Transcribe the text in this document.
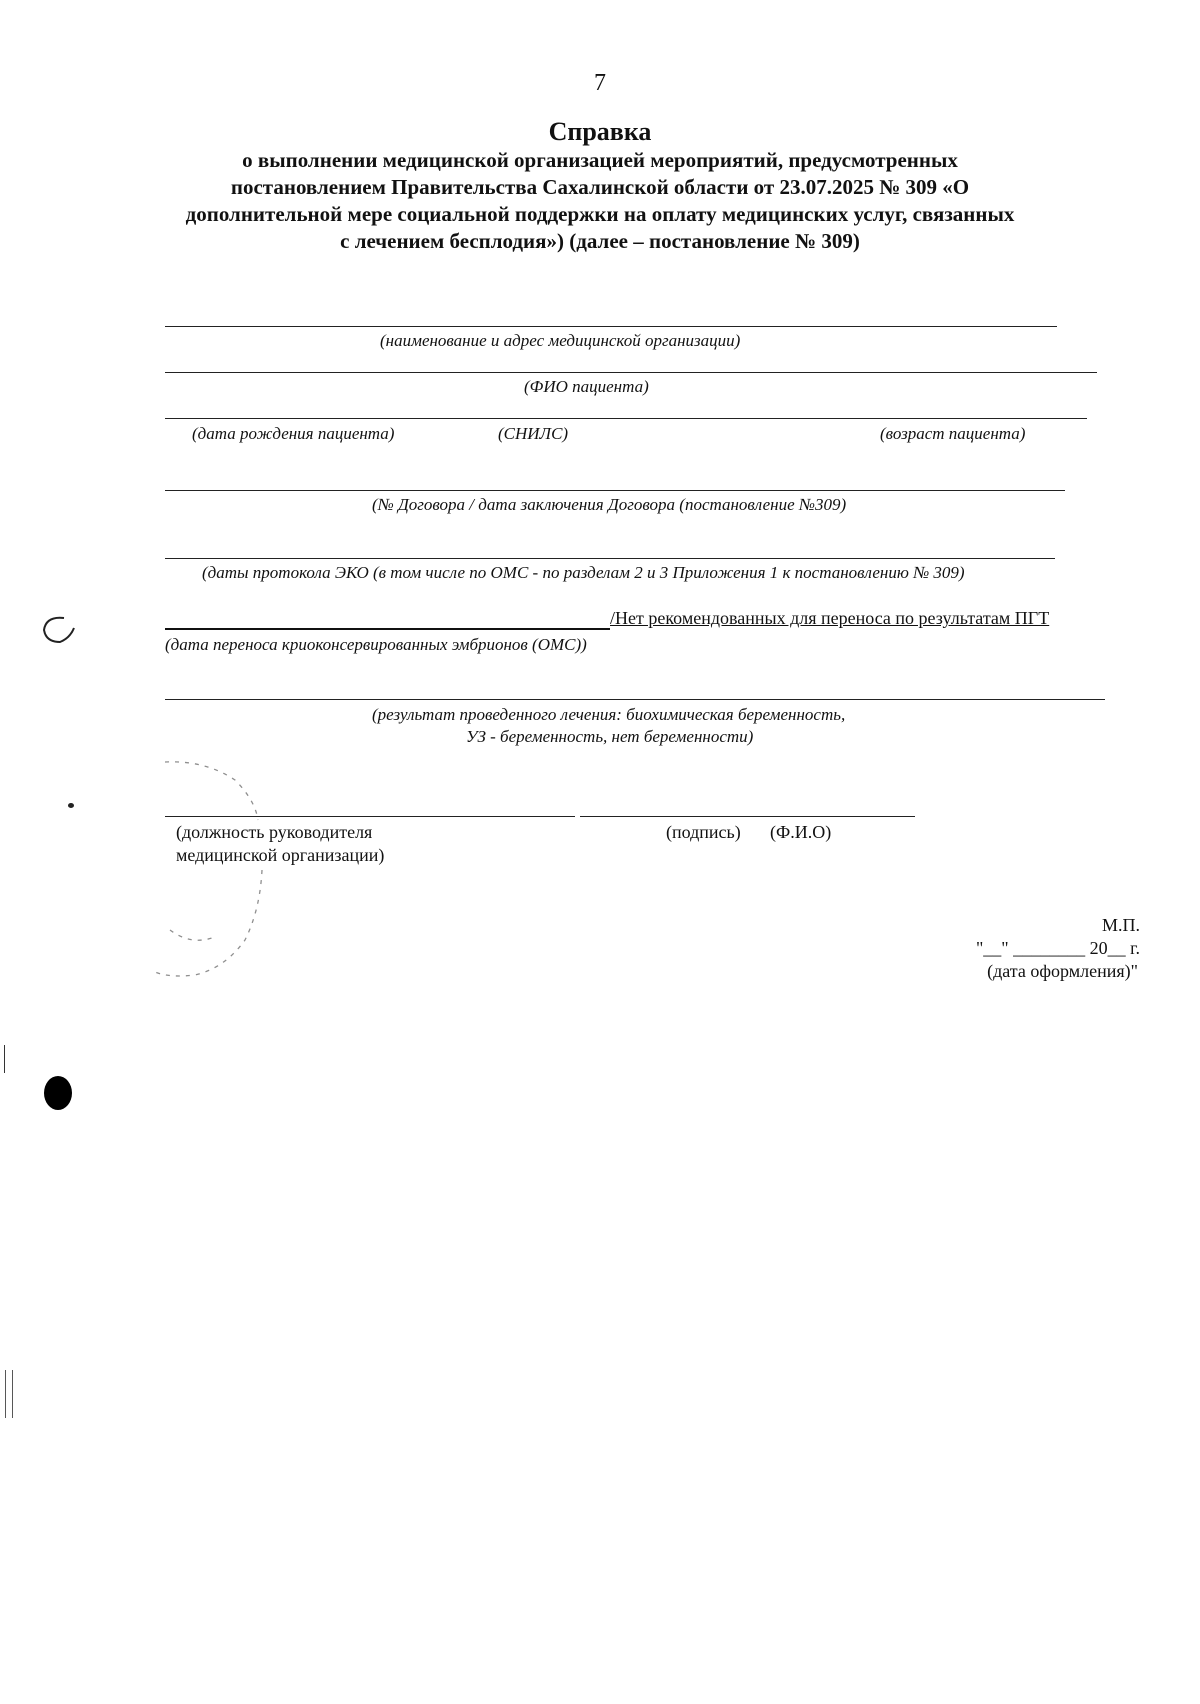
7
Справка
о выполнении медицинской организацией мероприятий, предусмотренных
постановлением Правительства Сахалинской области от 23.07.2025 № 309 «О
дополнительной мере социальной поддержки на оплату медицинских услуг, связанных
с лечением бесплодия») (далее – постановление № 309)
(наименование и адрес медицинской организации)
(ФИО пациента)
(дата рождения пациента)	(СНИЛС)	(возраст пациента)
(№ Договора / дата заключения Договора (постановление №309)
(даты протокола ЭКО (в том числе по ОМС - по разделам 2 и 3 Приложения 1 к постановлению № 309)
/Нет рекомендованных для переноса по результатам ПГТ
(дата переноса криоконсервированных эмбрионов (ОМС))
(результат проведенного лечения: биохимическая беременность,
УЗ - беременность, нет беременности)
(должность руководителя
медицинской организации)
(подпись) (Ф.И.О)
М.П.
"__" ________ 20__ г.
(дата оформления)"
